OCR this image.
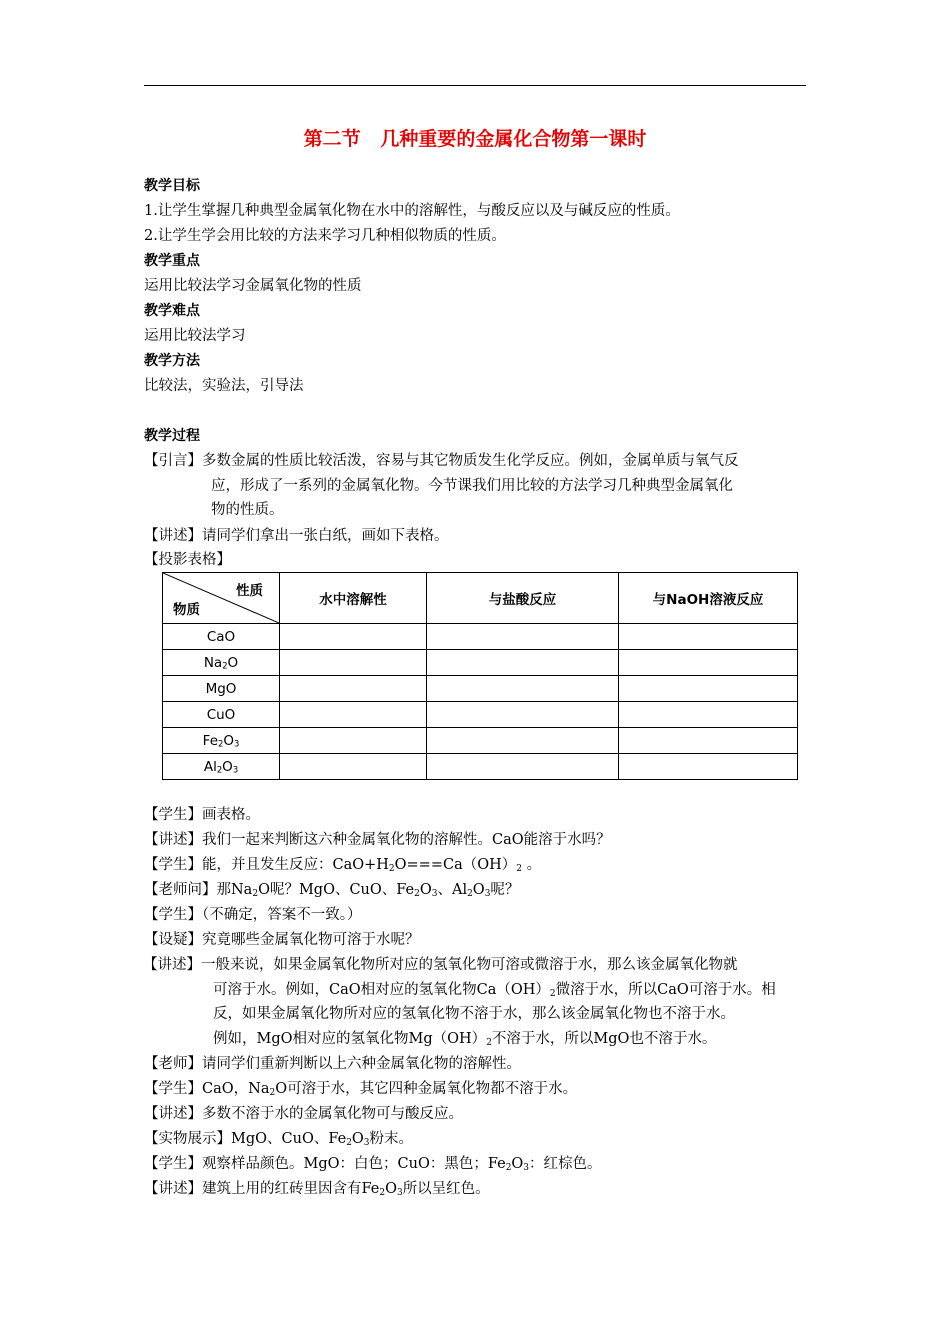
第二节   几种重要的金属化合物第一课时
教学目标
1.让学生掌握几种典型金属氧化物在水中的溶解性，与酸反应以及与碱反应的性质。
2.让学生学会用比较的方法来学习几种相似物质的性质。
教学重点
运用比较法学习金属氧化物的性质
教学难点
运用比较法学习
教学方法
比较法，实验法，引导法
教学过程
【引言】多数金属的性质比较活泼，容易与其它物质发生化学反应。例如，金属单质与氧气反
应，形成了一系列的金属氧化物。今节课我们用比较的方法学习几种典型金属氧化
物的性质。
【讲述】请同学们拿出一张白纸，画如下表格。
【投影表格】
性质
物质	水中溶解性	与盐酸反应	与NaOH溶液反应
CaO			
$Na_2O$			
MgO			
CuO			
$Fe_2O_3$			
$Al_2O_3$			
【学生】画表格。
【讲述】我们一起来判断这六种金属氧化物的溶解性。CaO能溶于水吗？
【学生】能，并且发生反应：$CaO+H_2O===Ca(OH)_2$ 。
【老师问】那$Na_2O$呢？MgO、CuO、$Fe_2O_3$、$Al_2O_3$呢？
【学生】（不确定，答案不一致。）
【设疑】究竟哪些金属氧化物可溶于水呢？
【讲述】一般来说，如果金属氧化物所对应的氢氧化物可溶或微溶于水，那么该金属氧化物就
可溶于水。例如，CaO相对应的氢氧化物$Ca(OH)_2$微溶于水，所以CaO可溶于水。相
反，如果金属氧化物所对应的氢氧化物不溶于水，那么该金属氧化物也不溶于水。
例如，MgO相对应的氢氧化物$Mg(OH)_2$不溶于水，所以MgO也不溶于水。
【老师】请同学们重新判断以上六种金属氧化物的溶解性。
【学生】CaO，$Na_2O$可溶于水，其它四种金属氧化物都不溶于水。
【讲述】多数不溶于水的金属氧化物可与酸反应。
【实物展示】MgO、CuO、$Fe_2O_3$粉末。
【学生】观察样品颜色。MgO：白色；CuO：黑色；$Fe_2O_3$：红棕色。
【讲述】建筑上用的红砖里因含有$Fe_2O_3$所以呈红色。
